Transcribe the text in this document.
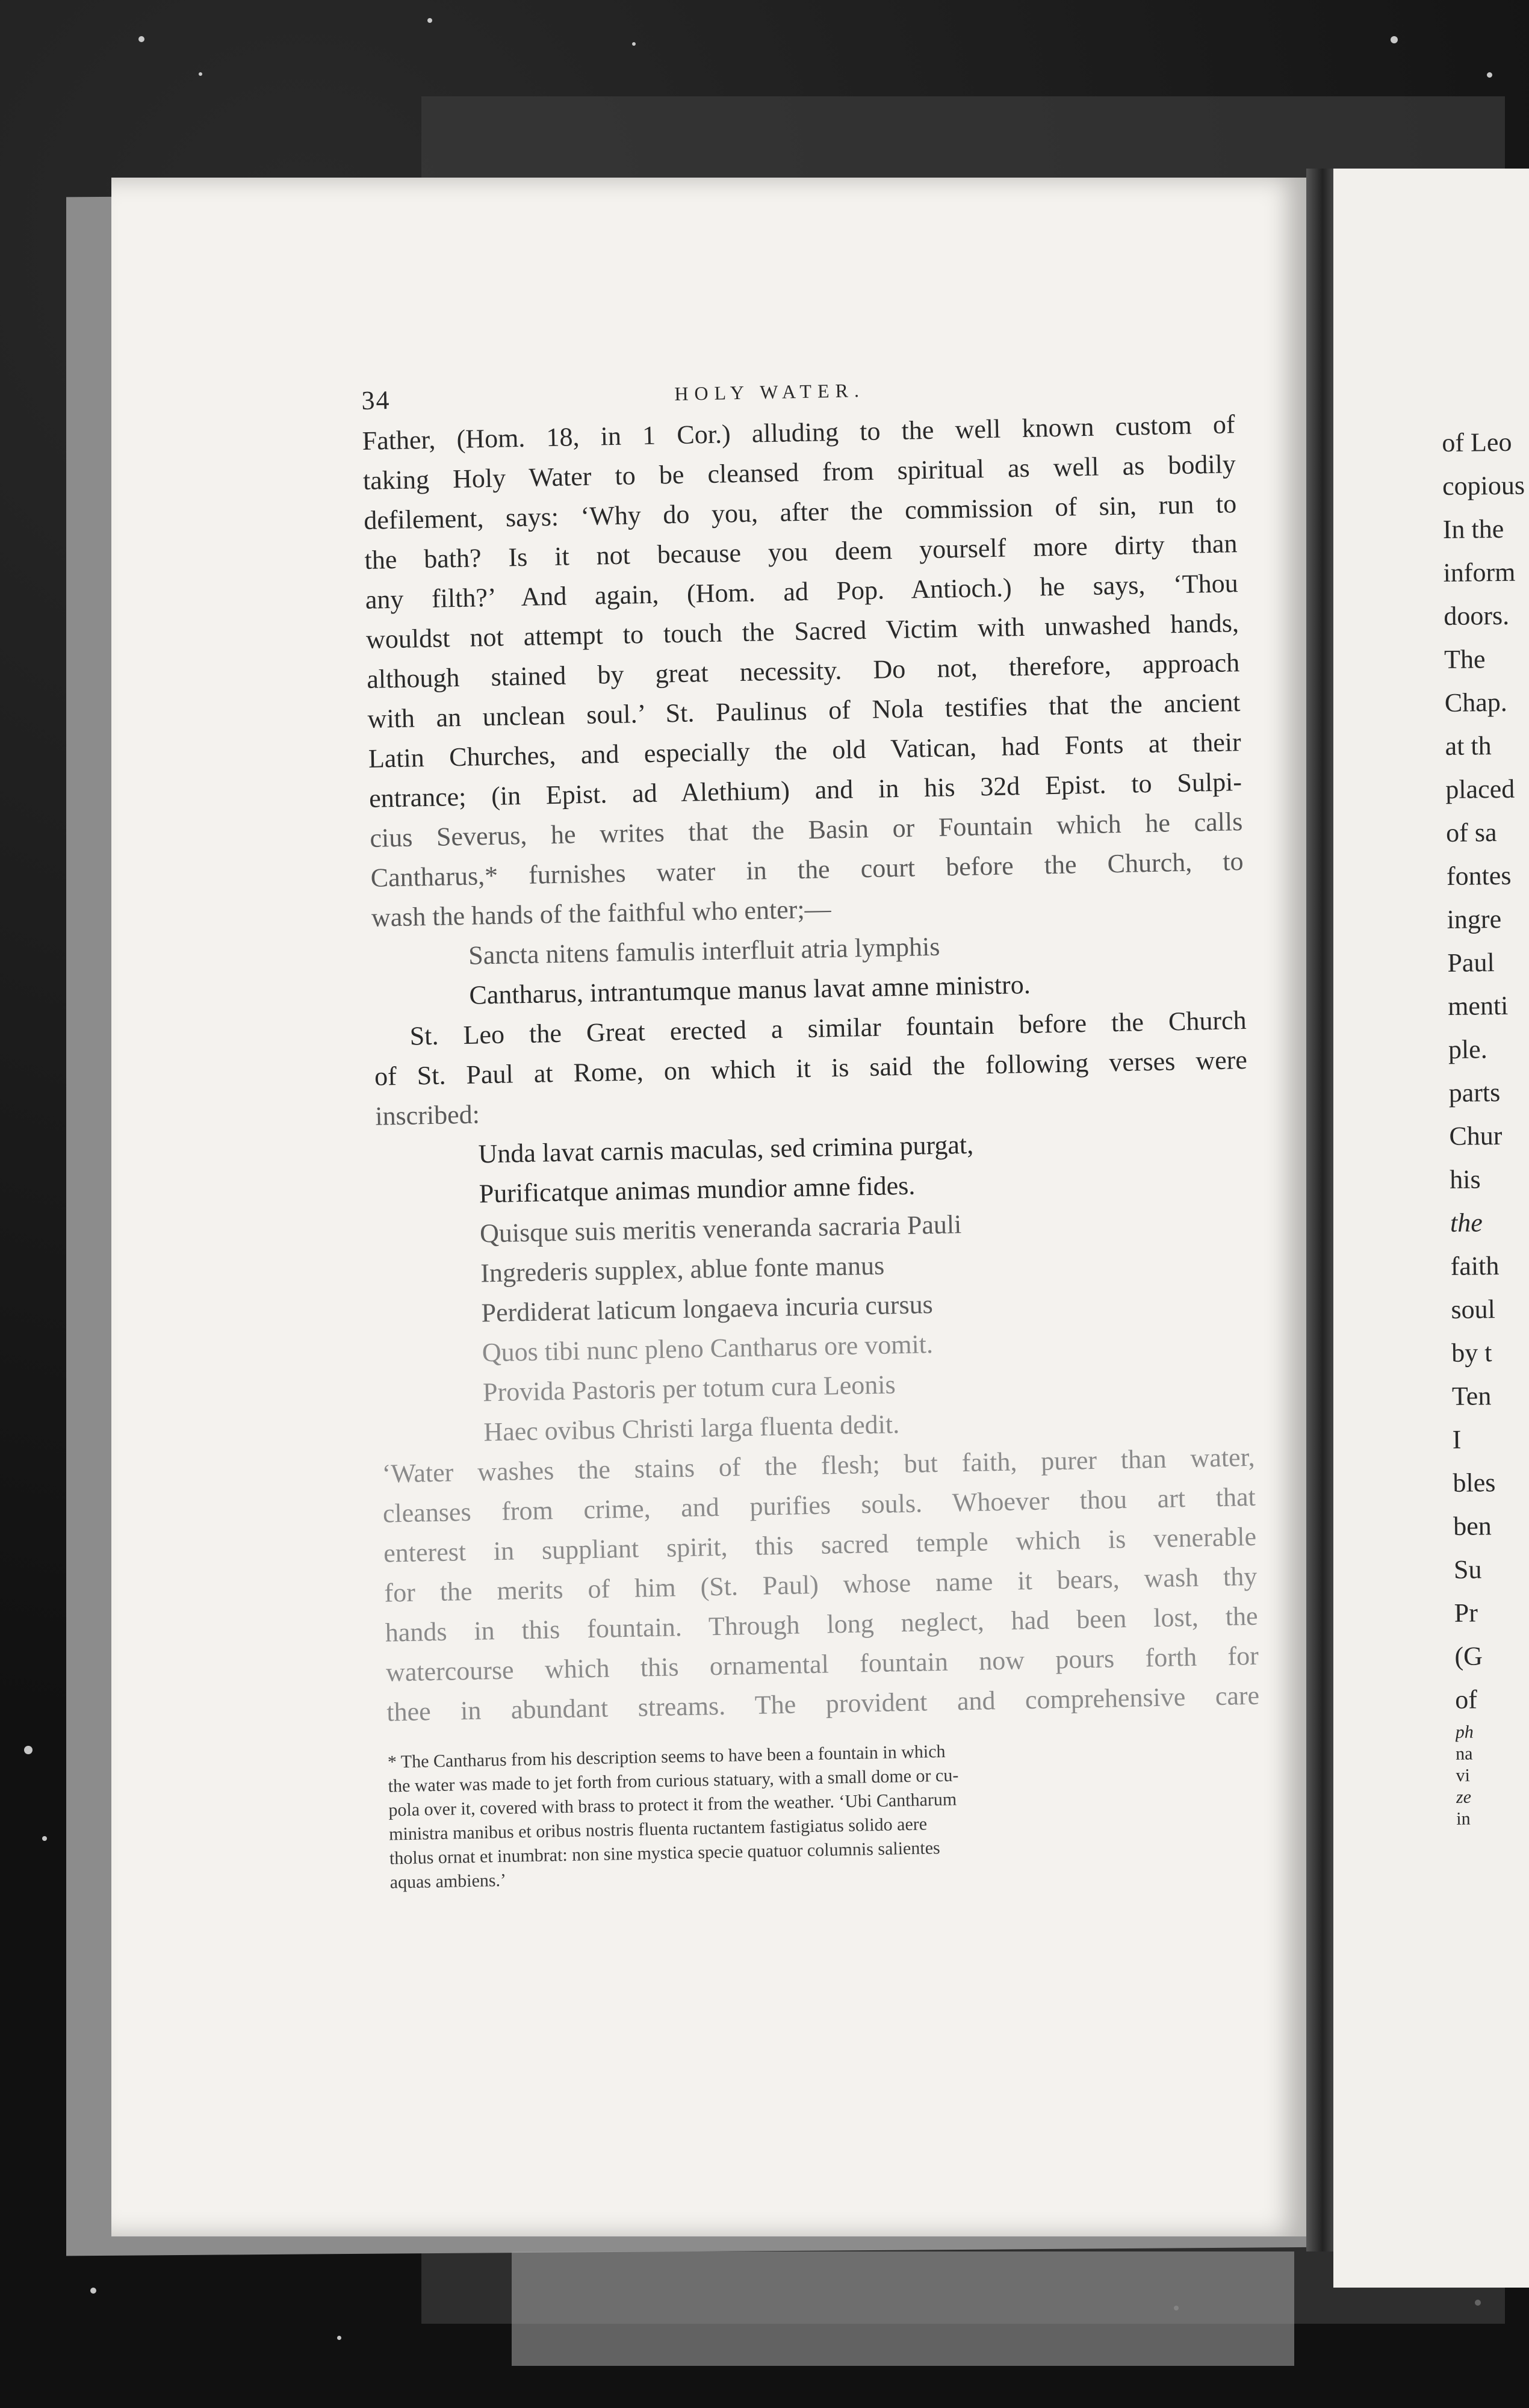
34	HOLY WATER.
Father, (Hom. 18, in 1 Cor.) alluding to the well known custom of
taking Holy Water to be cleansed from spiritual as well as bodily
defilement, says: ‘Why do you, after the commission of sin, run to
the bath? Is it not because you deem yourself more dirty than
any filth?’ And again, (Hom. ad Pop. Antioch.) he says, ‘Thou
wouldst not attempt to touch the Sacred Victim with unwashed hands,
although stained by great necessity. Do not, therefore, approach
with an unclean soul.’ St. Paulinus of Nola testifies that the ancient
Latin Churches, and especially the old Vatican, had Fonts at their
entrance; (in Epist. ad Alethium) and in his 32d Epist. to Sulpi-
cius Severus, he writes that the Basin or Fountain which he calls
Cantharus,* furnishes water in the court before the Church, to
wash the hands of the faithful who enter;—
Sancta nitens famulis interfluit atria lymphis
Cantharus, intrantumque manus lavat amne ministro.
St. Leo the Great erected a similar fountain before the Church
of St. Paul at Rome, on which it is said the following verses were
inscribed:
Unda lavat carnis maculas, sed crimina purgat,
Purificatque animas mundior amne fides.
Quisque suis meritis veneranda sacraria Pauli
Ingrederis supplex, ablue fonte manus
Perdiderat laticum longaeva incuria cursus
Quos tibi nunc pleno Cantharus ore vomit.
Provida Pastoris per totum cura Leonis
Haec ovibus Christi larga fluenta dedit.
‘Water washes the stains of the flesh; but faith, purer than water,
cleanses from crime, and purifies souls. Whoever thou art that
enterest in suppliant spirit, this sacred temple which is venerable
for the merits of him (St. Paul) whose name it bears, wash thy
hands in this fountain. Through long neglect, had been lost, the
watercourse which this ornamental fountain now pours forth for
thee in abundant streams. The provident and comprehensive care
* The Cantharus from his description seems to have been a fountain in which
the water was made to jet forth from curious statuary, with a small dome or cu-
pola over it, covered with brass to protect it from the weather. ‘Ubi Cantharum
ministra manibus et oribus nostris fluenta ructantem fastigiatus solido aere
tholus ornat et inumbrat: non sine mystica specie quatuor columnis salientes
aquas ambiens.’
of Leo
copious
In the
inform
doors.
The
Chap.
at th
placed
of sa
fontes
ingre
Paul
menti
ple.
parts
Chur
his
the
faith
soul
by t
Ten
I
bles
ben
Su
Pr
(G
of
ph
na
vi
ze
in
